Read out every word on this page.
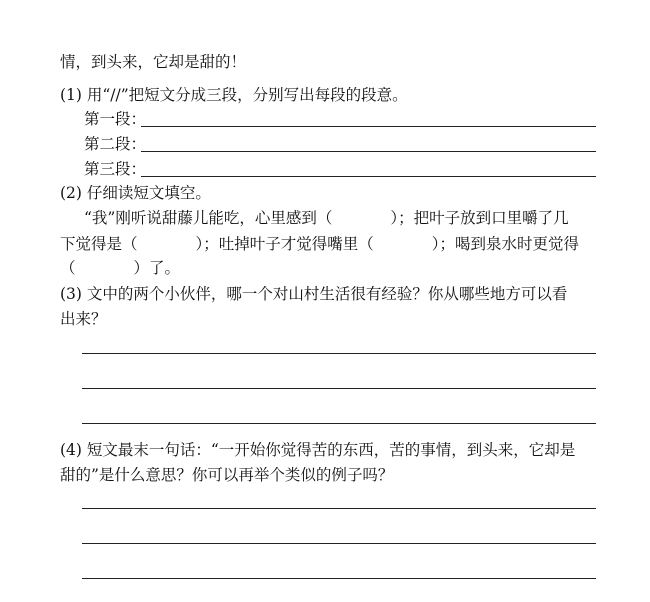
情，到头来，它却是甜的！
(1) 用“//”把短文分成三段，分别写出每段的段意。
第一段：
第二段：
第三段：
(2) 仔细读短文填空。
“我”刚听说甜藤儿能吃，心里感到（	）；把叶子放到口里嚼了几
下觉得是（	）；吐掉叶子才觉得嘴里（	）；喝到泉水时更觉得
（	）了。
(3) 文中的两个小伙伴，哪一个对山村生活很有经验？你从哪些地方可以看
出来？
(4) 短文最末一句话：“一开始你觉得苦的东西，苦的事情，到头来，它却是
甜的”是什么意思？你可以再举个类似的例子吗？
